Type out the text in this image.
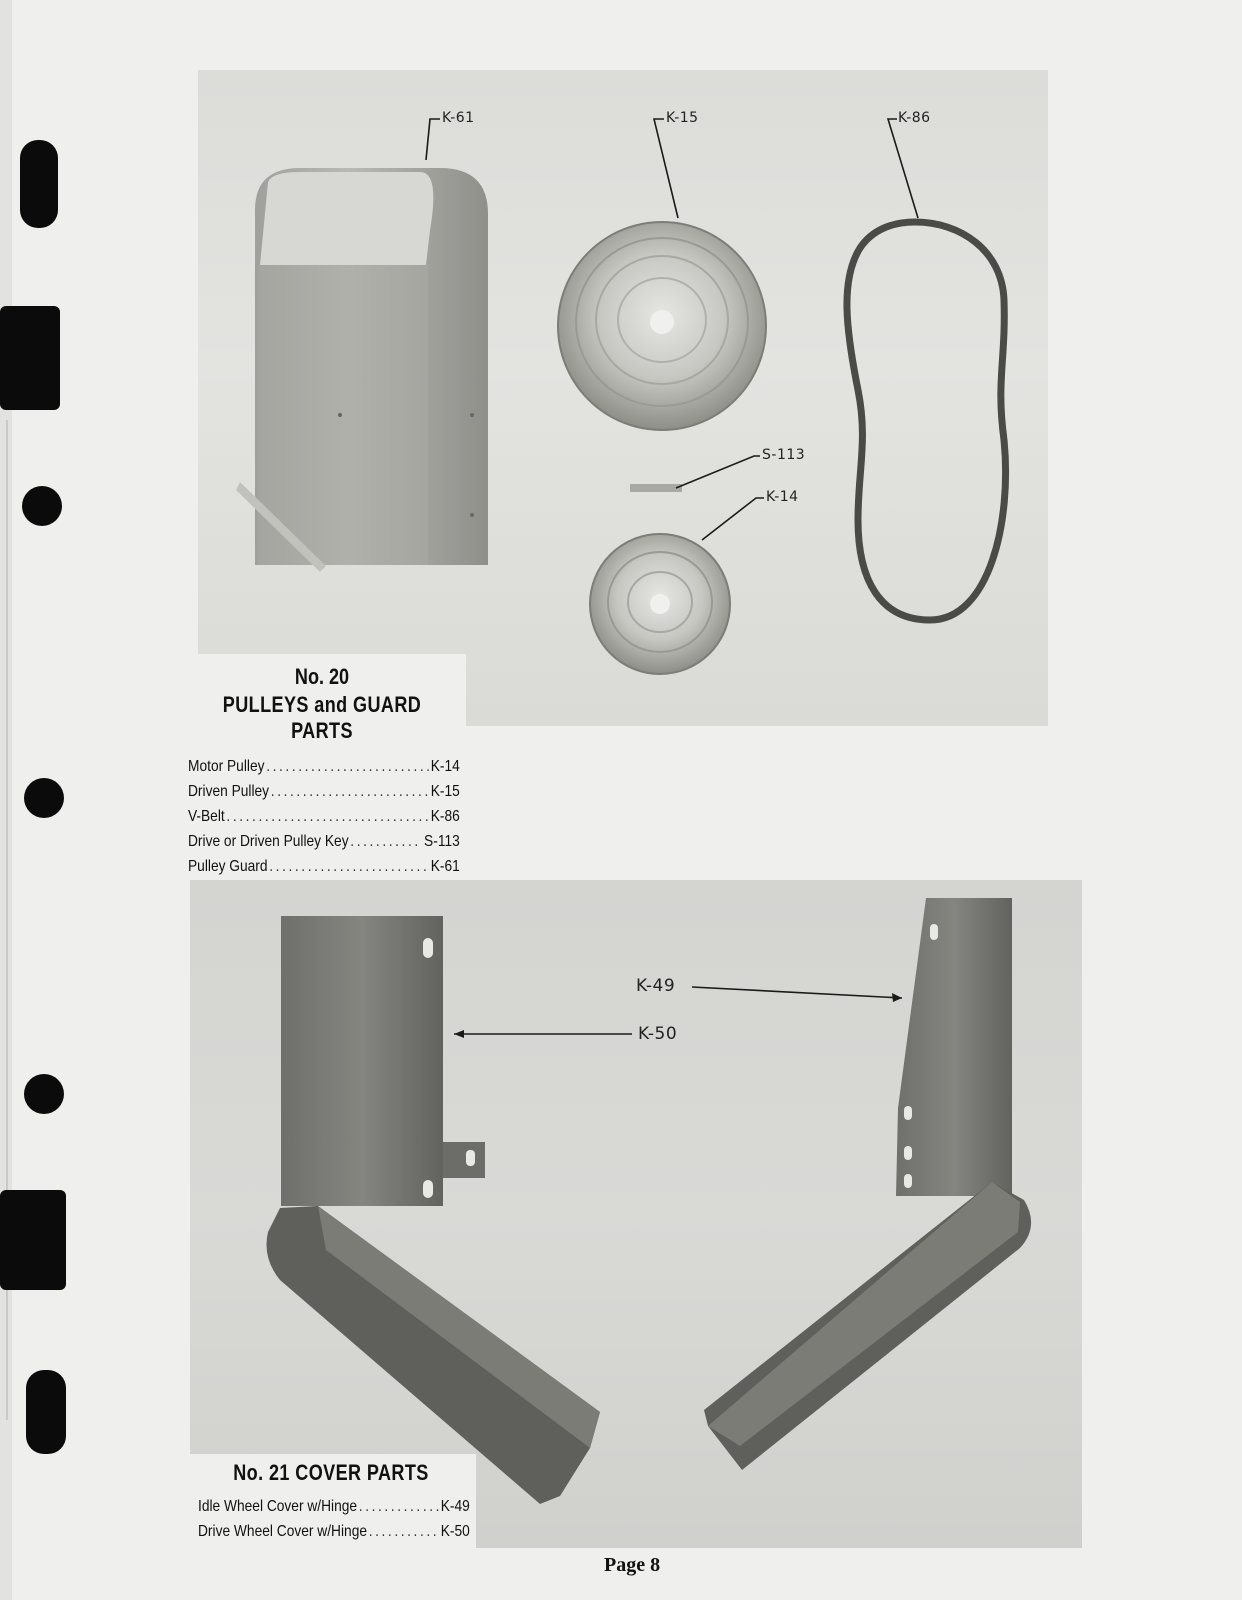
K-61	K-15	K-86
S-113
K-14
K-49
K-50
No. 20
PULLEYS and GUARD PARTS
Motor Pulley .....	K-14
Driven Pulley .....	K-15
V-Belt .....	K-86
Drive or Driven Pulley Key .....	S-113
Pulley Guard .....	K-61
No. 21 COVER PARTS
Idle Wheel Cover w/Hinge .....	K-49
Drive Wheel Cover w/Hinge .....	K-50
Page 8
